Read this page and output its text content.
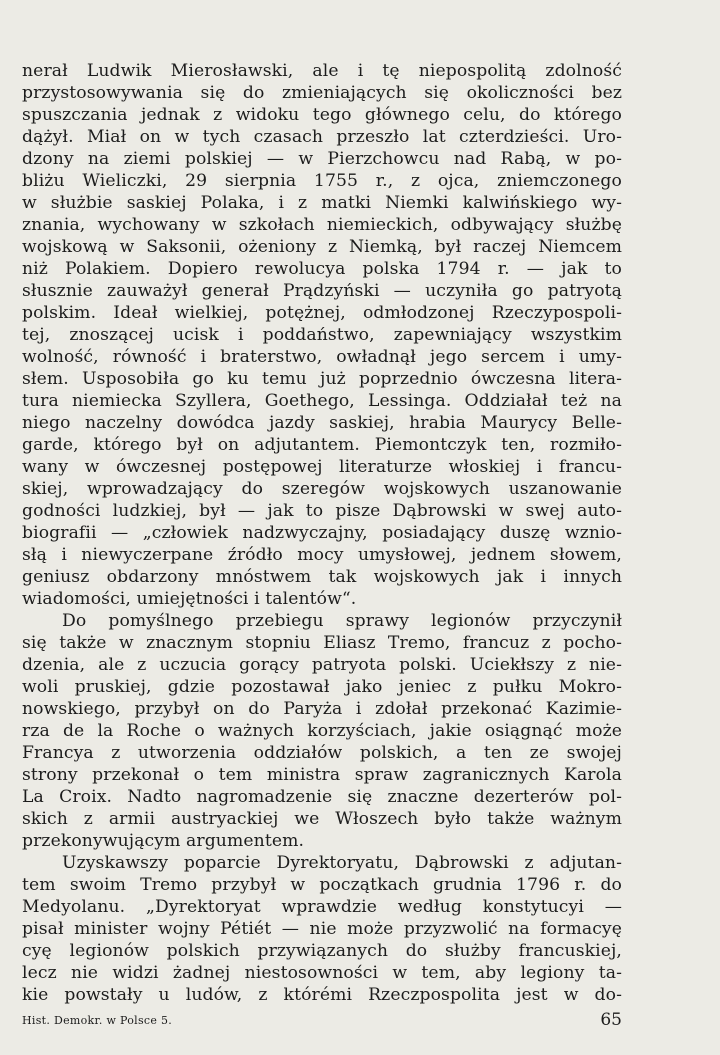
nerał Ludwik Mierosławski, ale i tę niepospolitą zdolność
przystosowywania się do zmieniających się okoliczności bez
spuszczania jednak z widoku tego głównego celu, do którego
dążył. Miał on w tych czasach przeszło lat czterdzieści. Uro-
dzony na ziemi polskiej — w Pierzchowcu nad Rabą, w po-
bliżu Wieliczki, 29 sierpnia 1755 r., z ojca, zniemczonego
w służbie saskiej Polaka, i z matki Niemki kalwińskiego wy-
znania, wychowany w szkołach niemieckich, odbywający służbę
wojskową w Saksonii, ożeniony z Niemką, był raczej Niemcem
niż Polakiem. Dopiero rewolucya polska 1794 r. — jak to
słusznie zauważył generał Prądzyński — uczyniła go patryotą
polskim. Ideał wielkiej, potężnej, odmłodzonej Rzeczypospoli-
tej, znoszącej ucisk i poddaństwo, zapewniający wszystkim
wolność, równość i braterstwo, owładnął jego sercem i umy-
słem. Usposobiła go ku temu już poprzednio ówczesna litera-
tura niemiecka Szyllera, Goethego, Lessinga. Oddziałał też na
niego naczelny dowódca jazdy saskiej, hrabia Maurycy Belle-
garde, którego był on adjutantem. Piemontczyk ten, rozmiło-
wany w ówczesnej postępowej literaturze włoskiej i francu-
skiej, wprowadzający do szeregów wojskowych uszanowanie
godności ludzkiej, był — jak to pisze Dąbrowski w swej auto-
biografii — „człowiek nadzwyczajny, posiadający duszę wznio-
słą i niewyczerpane źródło mocy umysłowej, jednem słowem,
geniusz obdarzony mnóstwem tak wojskowych jak i innych
wiadomości, umiejętności i talentów“.
Do pomyślnego przebiegu sprawy legionów przyczynił
się także w znacznym stopniu Eliasz Tremo, francuz z pocho-
dzenia, ale z uczucia gorący patryota polski. Uciekłszy z nie-
woli pruskiej, gdzie pozostawał jako jeniec z pułku Mokro-
nowskiego, przybył on do Paryża i zdołał przekonać Kazimie-
rza de la Roche o ważnych korzyściach, jakie osiągnąć może
Francya z utworzenia oddziałów polskich, a ten ze swojej
strony przekonał o tem ministra spraw zagranicznych Karola
La Croix. Nadto nagromadzenie się znaczne dezerterów pol-
skich z armii austryackiej we Włoszech było także ważnym
przekonywującym argumentem.
Uzyskawszy poparcie Dyrektoryatu, Dąbrowski z adjutan-
tem swoim Tremo przybył w początkach grudnia 1796 r. do
Medyolanu. „Dyrektoryat wprawdzie według konstytucyi —
pisał minister wojny Pétiét — nie może przyzwolić na formacyę
cyę legionów polskich przywiązanych do służby francuskiej,
lecz nie widzi żadnej niestosowności w tem, aby legiony ta-
kie powstały u ludów, z którémi Rzeczpospolita jest w do-
Hist. Demokr. w Polsce 5.	65
